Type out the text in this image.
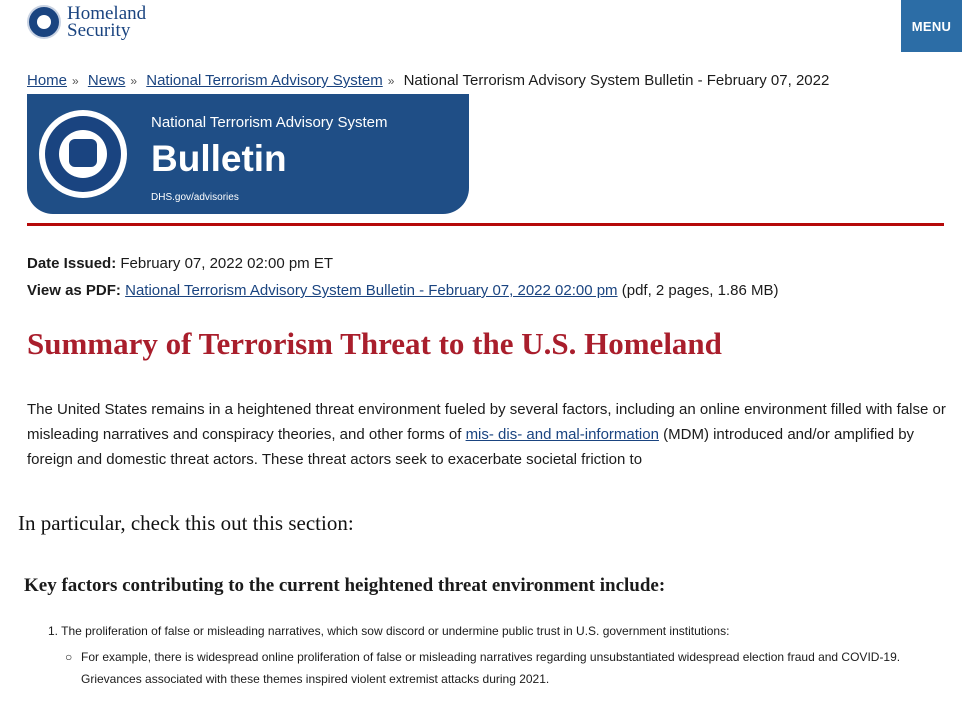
Homeland
Security	MENU
Home » News » National Terrorism Advisory System » National Terrorism Advisory System Bulletin - February 07, 2022
National Terrorism Advisory System
Bulletin
DHS.gov/advisories
Date Issued: February 07, 2022 02:00 pm ET
View as PDF: National Terrorism Advisory System Bulletin - February 07, 2022 02:00 pm (pdf, 2 pages, 1.86 MB)
Summary of Terrorism Threat to the U.S. Homeland
The United States remains in a heightened threat environment fueled by several factors, including an online environment filled with false or misleading narratives and conspiracy theories, and other forms of mis- dis- and mal-information (MDM) introduced and/or amplified by foreign and domestic threat actors. These threat actors seek to exacerbate societal friction to
In particular, check this out this section:
Key factors contributing to the current heightened threat environment include:
1. The proliferation of false or misleading narratives, which sow discord or undermine public trust in U.S. government institutions:
○ For example, there is widespread online proliferation of false or misleading narratives regarding unsubstantiated widespread election fraud and COVID-19. Grievances associated with these themes inspired violent extremist attacks during 2021.
